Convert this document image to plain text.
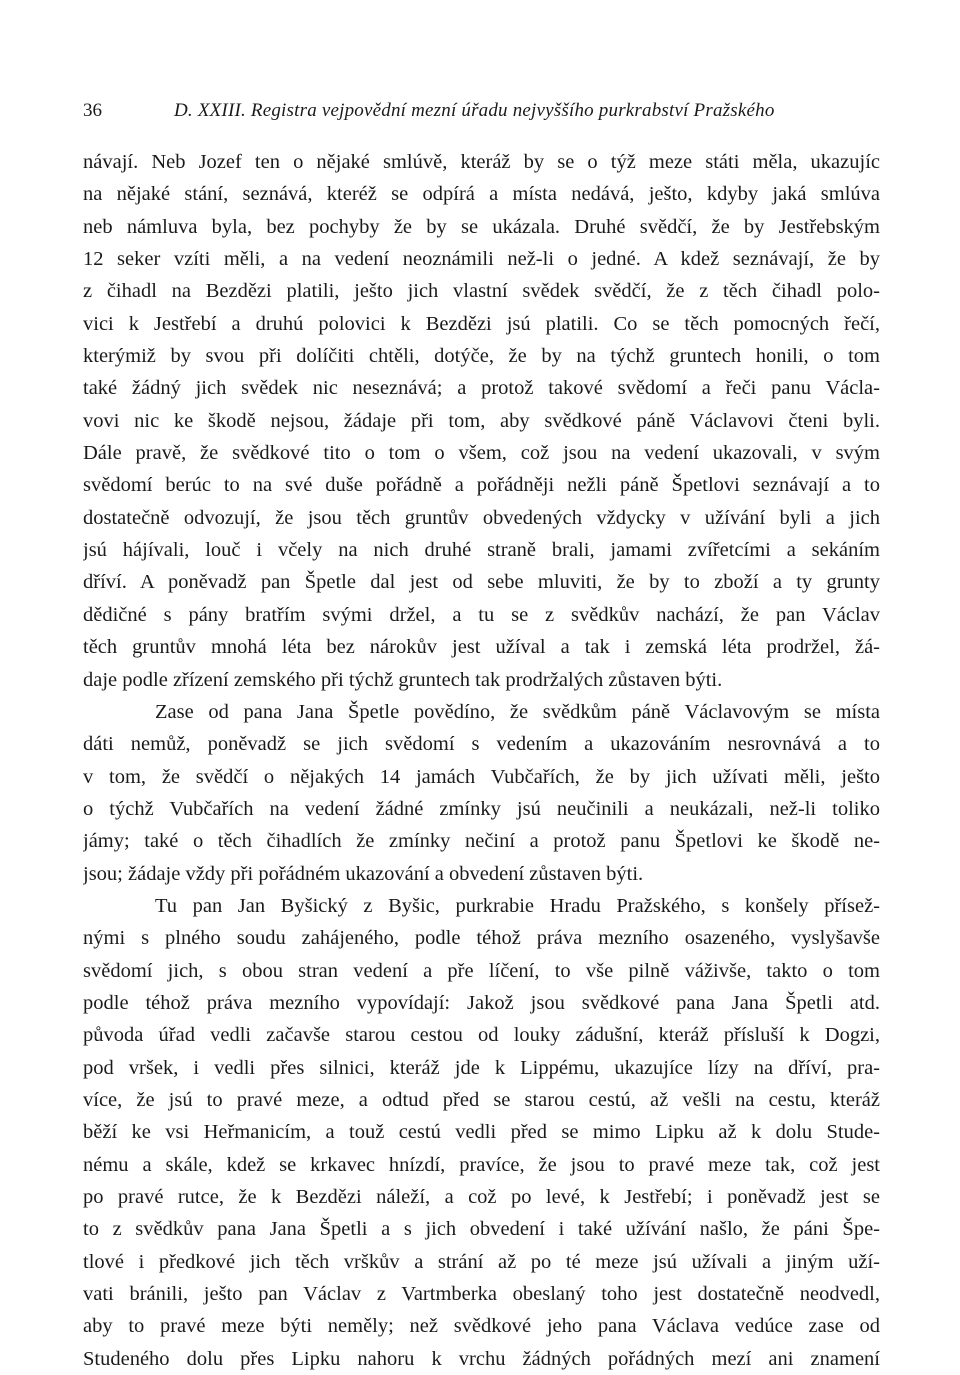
36	D. XXIII. Registra vejpovědní mezní úřadu nejvyššího purkrabství Pražského
návají. Neb Jozef ten o nějaké smlúvě, kteráž by se o týž meze státi měla, ukazujíc
na nějaké stání, seznává, kteréž se odpírá a místa nedává, ješto, kdyby jaká smlúva
neb námluva byla, bez pochyby že by se ukázala. Druhé svědčí, že by Jestřebským
12 seker vzíti měli, a na vedení neoznámili než-li o jedné. A kdež seznávají, že by
z čihadl na Bezdězi platili, ješto jich vlastní svědek svědčí, že z těch čihadl polo-
vici k Jestřebí a druhú polovici k Bezdězi jsú platili. Co se těch pomocných řečí,
kterýmiž by svou při dolíčiti chtěli, dotýče, že by na týchž gruntech honili, o tom
také žádný jich svědek nic neseznává; a protož takové svědomí a řeči panu Václa-
vovi nic ke škodě nejsou, žádaje při tom, aby svědkové páně Václavovi čteni byli.
Dále pravě, že svědkové tito o tom o všem, což jsou na vedení ukazovali, v svým
svědomí berúc to na své duše pořádně a pořádněji nežli páně Špetlovi seznávají a to
dostatečně odvozují, že jsou těch gruntův obvedených vždycky v užívání byli a jich
jsú hájívali, louč i včely na nich druhé straně brali, jamami zvířetcími a sekáním
dříví. A poněvadž pan Špetle dal jest od sebe mluviti, že by to zboží a ty grunty
dědičné s pány bratřím svými držel, a tu se z svědkův nachází, že pan Václav
těch gruntův mnohá léta bez nárokův jest užíval a tak i zemská léta prodržel, žá-
daje podle zřízení zemského při týchž gruntech tak prodržalých zůstaven býti.
Zase od pana Jana Špetle povědíno, že svědkům páně Václavovým se místa
dáti nemůž, poněvadž se jich svědomí s vedením a ukazováním nesrovnává a to
v tom, že svědčí o nějakých 14 jamách Vubčařích, že by jich užívati měli, ješto
o týchž Vubčařích na vedení žádné zmínky jsú neučinili a neukázali, než-li toliko
jámy; také o těch čihadlích že zmínky nečiní a protož panu Špetlovi ke škodě ne-
jsou; žádaje vždy při pořádném ukazování a obvedení zůstaven býti.
Tu pan Jan Byšický z Byšic, purkrabie Hradu Pražského, s konšely přísež-
nými s plného soudu zahájeného, podle téhož práva mezního osazeného, vyslyšavše
svědomí jich, s obou stran vedení a pře líčení, to vše pilně váživše, takto o tom
podle téhož práva mezního vypovídají: Jakož jsou svědkové pana Jana Špetli atd.
původa úřad vedli začavše starou cestou od louky zádušní, kteráž přísluší k Dogzi,
pod vršek, i vedli přes silnici, kteráž jde k Lippému, ukazujíce lízy na dříví, pra-
více, že jsú to pravé meze, a odtud před se starou cestú, až vešli na cestu, kteráž
běží ke vsi Heřmanicím, a touž cestú vedli před se mimo Lipku až k dolu Stude-
nému a skále, kdež se krkavec hnízdí, pravíce, že jsou to pravé meze tak, což jest
po pravé rutce, že k Bezdězi náleží, a což po levé, k Jestřebí; i poněvadž jest se
to z svědkův pana Jana Špetli a s jich obvedení i také užívání našlo, že páni Špe-
tlové i předkové jich těch vrškův a strání až po té meze jsú užívali a jiným uží-
vati bránili, ješto pan Václav z Vartmberka obeslaný toho jest dostatečně neodvedl,
aby to pravé meze býti neměly; než svědkové jeho pana Václava vedúce zase od
Studeného dolu přes Lipku nahoru k vrchu žádných pořádných mezí ani znamení
